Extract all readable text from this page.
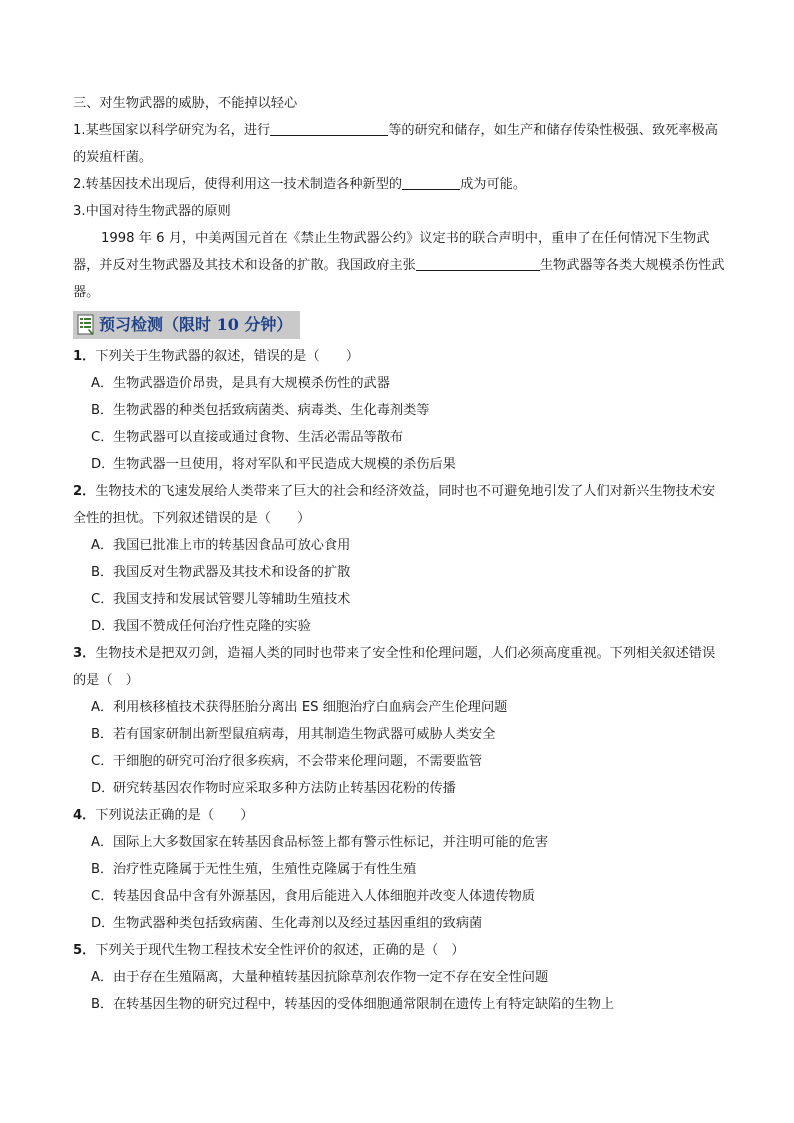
三、对生物武器的威胁，不能掉以轻心

1.某些国家以科学研究为名，进行	等的研究和储存，如生产和储存传染性极强、致死率极高的炭疽杆菌。

2.转基因技术出现后，使得利用这一技术制造各种新型的	成为可能。

3.中国对待生物武器的原则

1998 年 6 月，中美两国元首在《禁止生物武器公约》议定书的联合声明中，重申了在任何情况下生物武器，并反对生物武器及其技术和设备的扩散。我国政府主张	生物武器等各类大规模杀伤性武器。

预习检测（限时 10 分钟）

1．下列关于生物武器的叙述，错误的是（　　）

A．生物武器造价昂贵，是具有大规模杀伤性的武器

B．生物武器的种类包括致病菌类、病毒类、生化毒剂类等

C．生物武器可以直接或通过食物、生活必需品等散布

D．生物武器一旦使用，将对军队和平民造成大规模的杀伤后果

2．生物技术的飞速发展给人类带来了巨大的社会和经济效益，同时也不可避免地引发了人们对新兴生物技术安全性的担忧。下列叙述错误的是（　　）

A．我国已批准上市的转基因食品可放心食用

B．我国反对生物武器及其技术和设备的扩散

C．我国支持和发展试管婴儿等辅助生殖技术

D．我国不赞成任何治疗性克隆的实验

3．生物技术是把双刃剑，造福人类的同时也带来了安全性和伦理问题，人们必须高度重视。下列相关叙述错误的是（　）

A．利用核移植技术获得胚胎分离出 ES 细胞治疗白血病会产生伦理问题

B．若有国家研制出新型鼠疽病毒，用其制造生物武器可威胁人类安全

C．干细胞的研究可治疗很多疾病，不会带来伦理问题，不需要监管

D．研究转基因农作物时应采取多种方法防止转基因花粉的传播

4．下列说法正确的是（　　）

A．国际上大多数国家在转基因食品标签上都有警示性标记，并注明可能的危害

B．治疗性克隆属于无性生殖，生殖性克隆属于有性生殖

C．转基因食品中含有外源基因，食用后能进入人体细胞并改变人体遗传物质

D．生物武器种类包括致病菌、生化毒剂以及经过基因重组的致病菌

5．下列关于现代生物工程技术安全性评价的叙述，正确的是（　）

A．由于存在生殖隔离，大量种植转基因抗除草剂农作物一定不存在安全性问题

B．在转基因生物的研究过程中，转基因的受体细胞通常限制在遗传上有特定缺陷的生物上
